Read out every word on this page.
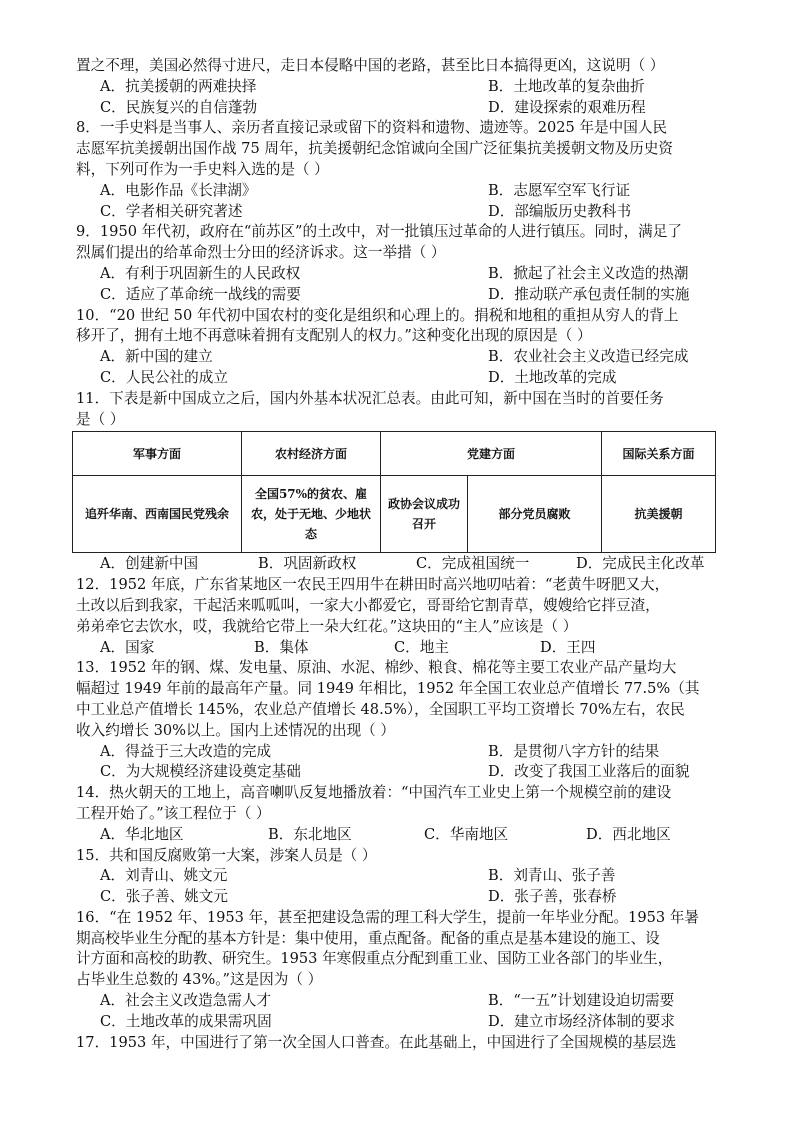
置之不理，美国必然得寸进尺，走日本侵略中国的老路，甚至比日本搞得更凶，这说明（ ）
A．抗美援朝的两难抉择	B．土地改革的复杂曲折
C．民族复兴的自信蓬勃	D．建设探索的艰难历程
8．一手史料是当事人、亲历者直接记录或留下的资料和遗物、遗迹等。2025 年是中国人民
志愿军抗美援朝出国作战 75 周年，抗美援朝纪念馆诚向全国广泛征集抗美援朝文物及历史资
料，下列可作为一手史料入选的是（ ）
A．电影作品《长津湖》	B．志愿军空军飞行证
C．学者相关研究著述	D．部编版历史教科书
9．1950 年代初，政府在“前苏区”的土改中，对一批镇压过革命的人进行镇压。同时，满足了
烈属们提出的给革命烈士分田的经济诉求。这一举措（ ）
A．有利于巩固新生的人民政权	B．掀起了社会主义改造的热潮
C．适应了革命统一战线的需要	D．推动联产承包责任制的实施
10．“20 世纪 50 年代初中国农村的变化是组织和心理上的。捐税和地租的重担从穷人的背上
移开了，拥有土地不再意味着拥有支配别人的权力。”这种变化出现的原因是（ ）
A．新中国的建立	B．农业社会主义改造已经完成
C．人民公社的成立	D．土地改革的完成
11．下表是新中国成立之后，国内外基本状况汇总表。由此可知，新中国在当时的首要任务
是（ ）
军事方面	农村经济方面	党建方面		国际关系方面
追歼华南、西南国民党残余	全国57%的贫农、雇农，处于无地、少地状态	政协会议成功召开	部分党员腐败	抗美援朝
A．创建新中国	B．巩固新政权	C．完成祖国统一	D．完成民主化改革
12．1952 年底，广东省某地区一农民王四用牛在耕田时高兴地叨咕着：“老黄牛呀肥又大，
土改以后到我家，干起活来呱呱叫，一家大小都爱它，哥哥给它割青草，嫂嫂给它拌豆渣，
弟弟牵它去饮水，哎，我就给它带上一朵大红花。”这块田的“主人”应该是（ ）
A．国家	B．集体	C．地主	D．王四
13．1952 年的钢、煤、发电量、原油、水泥、棉纱、粮食、棉花等主要工农业产品产量均大
幅超过 1949 年前的最高年产量。同 1949 年相比，1952 年全国工农业总产值增长 77.5%（其
中工业总产值增长 145%，农业总产值增长 48.5%），全国职工平均工资增长 70%左右，农民
收入约增长 30%以上。国内上述情况的出现（ ）
A．得益于三大改造的完成	B．是贯彻八字方针的结果
C．为大规模经济建设奠定基础	D．改变了我国工业落后的面貌
14．热火朝天的工地上，高音喇叭反复地播放着：“中国汽车工业史上第一个规模空前的建设
工程开始了。”该工程位于（ ）
A．华北地区	B．东北地区	C．华南地区	D．西北地区
15．共和国反腐败第一大案，涉案人员是（ ）
A．刘青山、姚文元	B．刘青山、张子善
C．张子善、姚文元	D．张子善，张春桥
16．“在 1952 年、1953 年，甚至把建设急需的理工科大学生，提前一年毕业分配。1953 年暑
期高校毕业生分配的基本方针是：集中使用，重点配备。配备的重点是基本建设的施工、设
计方面和高校的助教、研究生。1953 年寒假重点分配到重工业、国防工业各部门的毕业生，
占毕业生总数的 43%。”这是因为（ ）
A．社会主义改造急需人才	B．“一五”计划建设迫切需要
C．土地改革的成果需巩固	D．建立市场经济体制的要求
17．1953 年，中国进行了第一次全国人口普查。在此基础上，中国进行了全国规模的基层选
